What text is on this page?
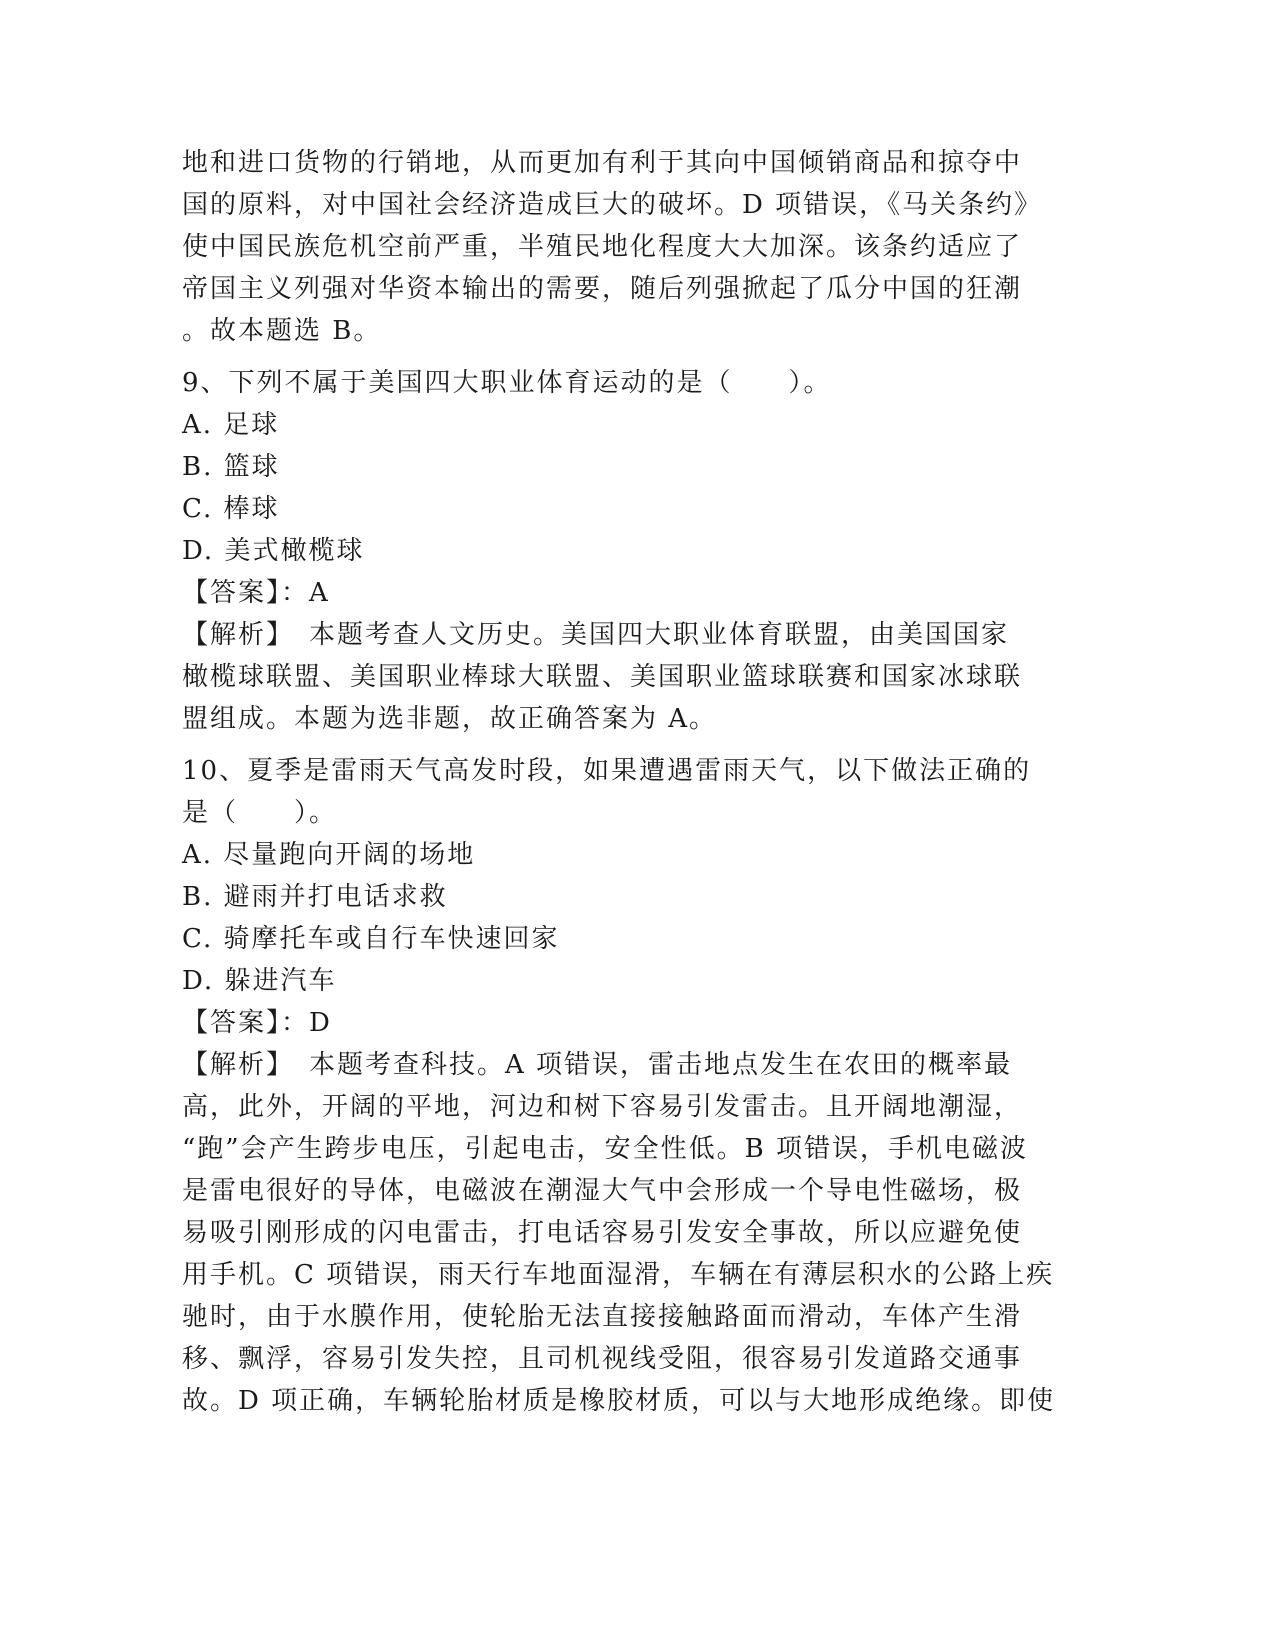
地和进口货物的行销地，从而更加有利于其向中国倾销商品和掠夺中
国的原料，对中国社会经济造成巨大的破坏。D 项错误，《马关条约》
使中国民族危机空前严重，半殖民地化程度大大加深。该条约适应了
帝国主义列强对华资本输出的需要，随后列强掀起了瓜分中国的狂潮
。故本题选 B。
9、下列不属于美国四大职业体育运动的是（　　）。
A. 足球
B. 篮球
C. 棒球
D. 美式橄榄球
【答案】：A
【解析】　本题考查人文历史。美国四大职业体育联盟，由美国国家
橄榄球联盟、美国职业棒球大联盟、美国职业篮球联赛和国家冰球联
盟组成。本题为选非题，故正确答案为 A。
10、夏季是雷雨天气高发时段，如果遭遇雷雨天气，以下做法正确的
是（　　）。
A. 尽量跑向开阔的场地
B. 避雨并打电话求救
C. 骑摩托车或自行车快速回家
D. 躲进汽车
【答案】：D
【解析】　本题考查科技。A 项错误，雷击地点发生在农田的概率最
高，此外，开阔的平地，河边和树下容易引发雷击。且开阔地潮湿，
“跑”会产生跨步电压，引起电击，安全性低。B 项错误，手机电磁波
是雷电很好的导体，电磁波在潮湿大气中会形成一个导电性磁场，极
易吸引刚形成的闪电雷击，打电话容易引发安全事故，所以应避免使
用手机。C 项错误，雨天行车地面湿滑，车辆在有薄层积水的公路上疾
驰时，由于水膜作用，使轮胎无法直接接触路面而滑动，车体产生滑
移、飘浮，容易引发失控，且司机视线受阻，很容易引发道路交通事
故。D 项正确，车辆轮胎材质是橡胶材质，可以与大地形成绝缘。即使
